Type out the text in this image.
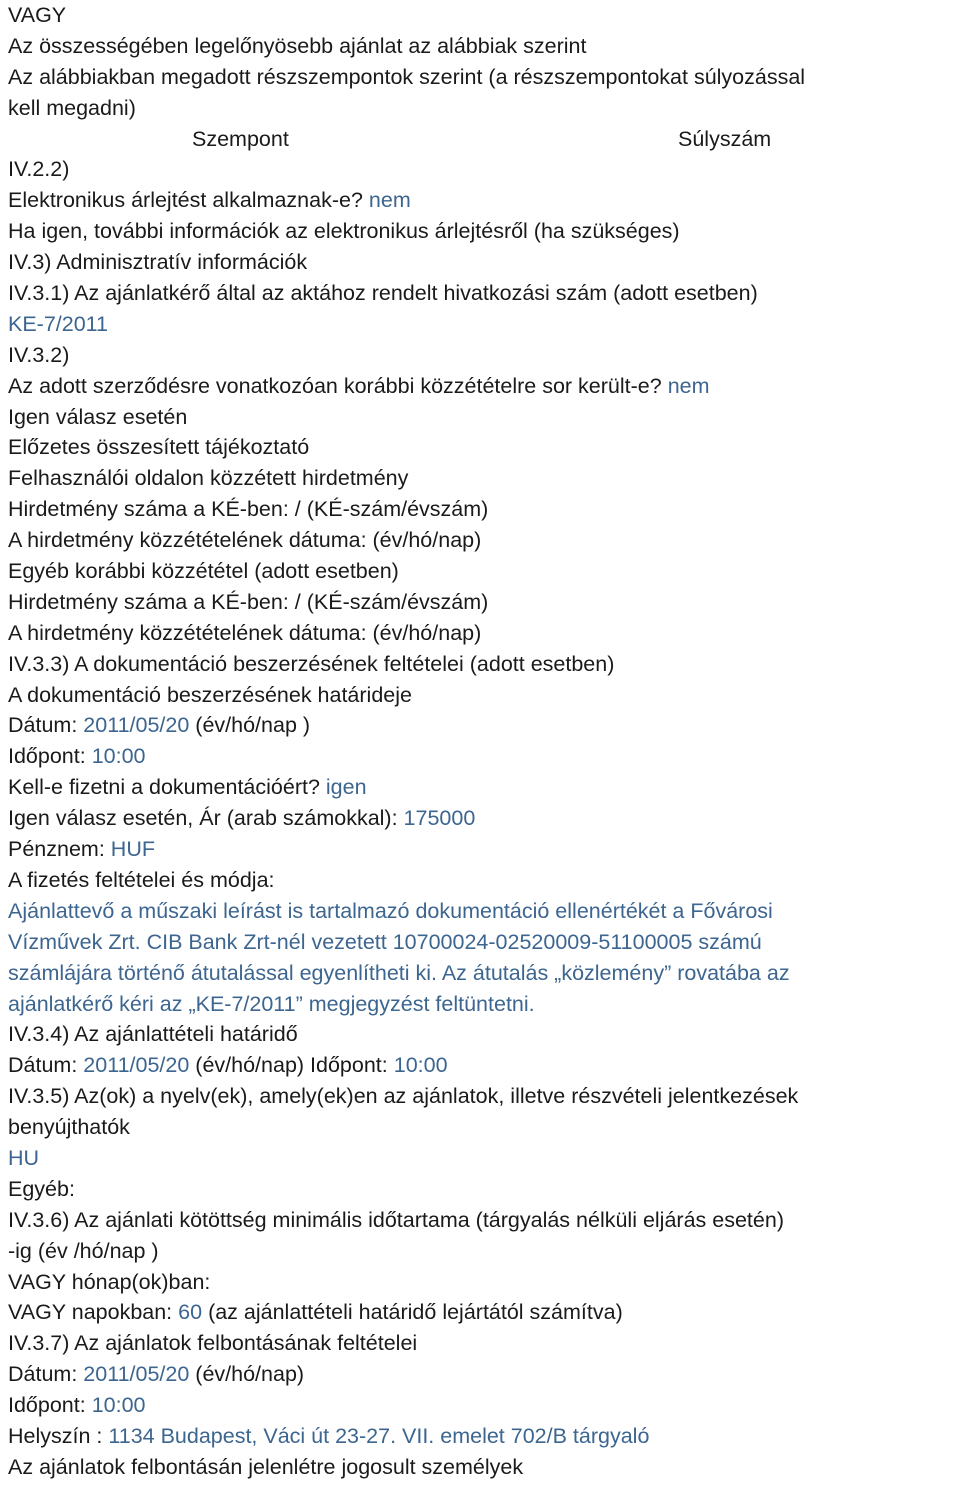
VAGY
Az összességében legelőnyösebb ajánlat az alábbiak szerint
Az alábbiakban megadott részszempontok szerint (a részszempontokat súlyozással
kell megadni)
Szempont	Súlyszám
IV.2.2)
Elektronikus árlejtést alkalmaznak-e? nem
Ha igen, további információk az elektronikus árlejtésről (ha szükséges)
IV.3) Adminisztratív információk
IV.3.1) Az ajánlatkérő által az aktához rendelt hivatkozási szám (adott esetben)
KE-7/2011
IV.3.2)
Az adott szerződésre vonatkozóan korábbi közzétételre sor került-e? nem
Igen válasz esetén
Előzetes összesített tájékoztató
Felhasználói oldalon közzétett hirdetmény
Hirdetmény száma a KÉ-ben: / (KÉ-szám/évszám)
A hirdetmény közzétételének dátuma: (év/hó/nap)
Egyéb korábbi közzététel (adott esetben)
Hirdetmény száma a KÉ-ben: / (KÉ-szám/évszám)
A hirdetmény közzétételének dátuma: (év/hó/nap)
IV.3.3) A dokumentáció beszerzésének feltételei (adott esetben)
A dokumentáció beszerzésének határideje
Dátum: 2011/05/20 (év/hó/nap )
Időpont: 10:00
Kell-e fizetni a dokumentációért? igen
Igen válasz esetén, Ár (arab számokkal): 175000
Pénznem: HUF
A fizetés feltételei és módja:
Ajánlattevő a műszaki leírást is tartalmazó dokumentáció ellenértékét a Fővárosi
Vízművek Zrt. CIB Bank Zrt-nél vezetett 10700024-02520009-51100005 számú
számlájára történő átutalással egyenlítheti ki. Az átutalás „közlemény” rovatába az
ajánlatkérő kéri az „KE-7/2011” megjegyzést feltüntetni.
IV.3.4) Az ajánlattételi határidő
Dátum: 2011/05/20 (év/hó/nap) Időpont: 10:00
IV.3.5) Az(ok) a nyelv(ek), amely(ek)en az ajánlatok, illetve részvételi jelentkezések
benyújthatók
HU
Egyéb:
IV.3.6) Az ajánlati kötöttség minimális időtartama (tárgyalás nélküli eljárás esetén)
-ig (év /hó/nap )
VAGY hónap(ok)ban:
VAGY napokban: 60 (az ajánlattételi határidő lejártától számítva)
IV.3.7) Az ajánlatok felbontásának feltételei
Dátum: 2011/05/20 (év/hó/nap)
Időpont: 10:00
Helyszín : 1134 Budapest, Váci út 23-27. VII. emelet 702/B tárgyaló
Az ajánlatok felbontásán jelenlétre jogosult személyek
